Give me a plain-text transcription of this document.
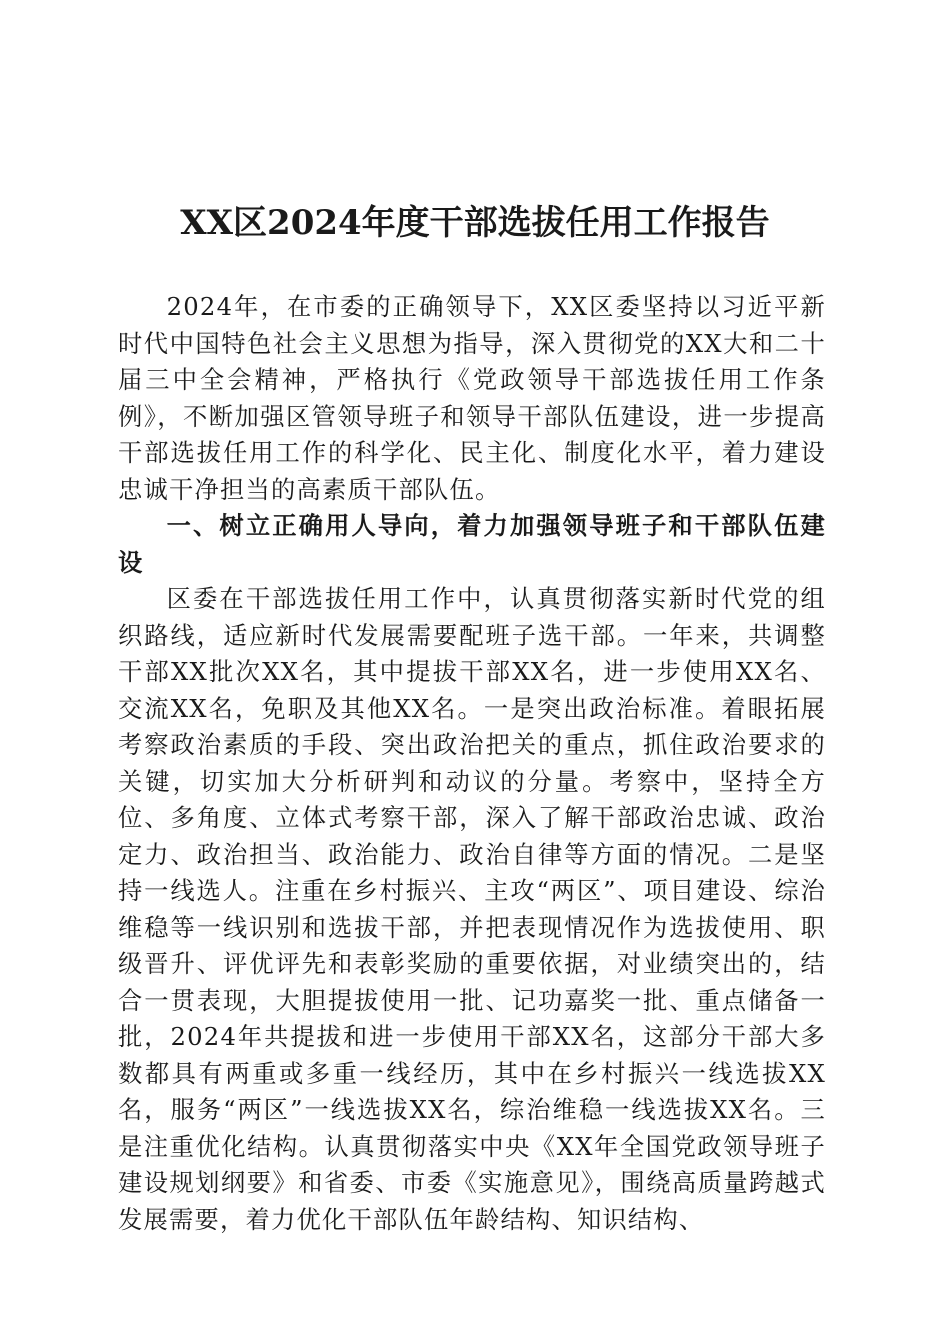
XX区2024年度干部选拔任用工作报告

2024年，在市委的正确领导下，XX区委坚持以习近平新时代中国特色社会主义思想为指导，深入贯彻党的XX大和二十届三中全会精神，严格执行《党政领导干部选拔任用工作条例》，不断加强区管领导班子和领导干部队伍建设，进一步提高干部选拔任用工作的科学化、民主化、制度化水平，着力建设忠诚干净担当的高素质干部队伍。

一、树立正确用人导向，着力加强领导班子和干部队伍建设

区委在干部选拔任用工作中，认真贯彻落实新时代党的组织路线，适应新时代发展需要配班子选干部。一年来，共调整干部XX批次XX名，其中提拔干部XX名，进一步使用XX名、交流XX名，免职及其他XX名。一是突出政治标准。着眼拓展考察政治素质的手段、突出政治把关的重点，抓住政治要求的关键，切实加大分析研判和动议的分量。考察中，坚持全方位、多角度、立体式考察干部，深入了解干部政治忠诚、政治定力、政治担当、政治能力、政治自律等方面的情况。二是坚持一线选人。注重在乡村振兴、主攻“两区”、项目建设、综治维稳等一线识别和选拔干部，并把表现情况作为选拔使用、职级晋升、评优评先和表彰奖励的重要依据，对业绩突出的，结合一贯表现，大胆提拔使用一批、记功嘉奖一批、重点储备一批，2024年共提拔和进一步使用干部XX名，这部分干部大多数都具有两重或多重一线经历，其中在乡村振兴一线选拔XX名，服务“两区”一线选拔XX名，综治维稳一线选拔XX名。三是注重优化结构。认真贯彻落实中央《XX年全国党政领导班子建设规划纲要》和省委、市委《实施意见》，围绕高质量跨越式发展需要，着力优化干部队伍年龄结构、知识结构、
